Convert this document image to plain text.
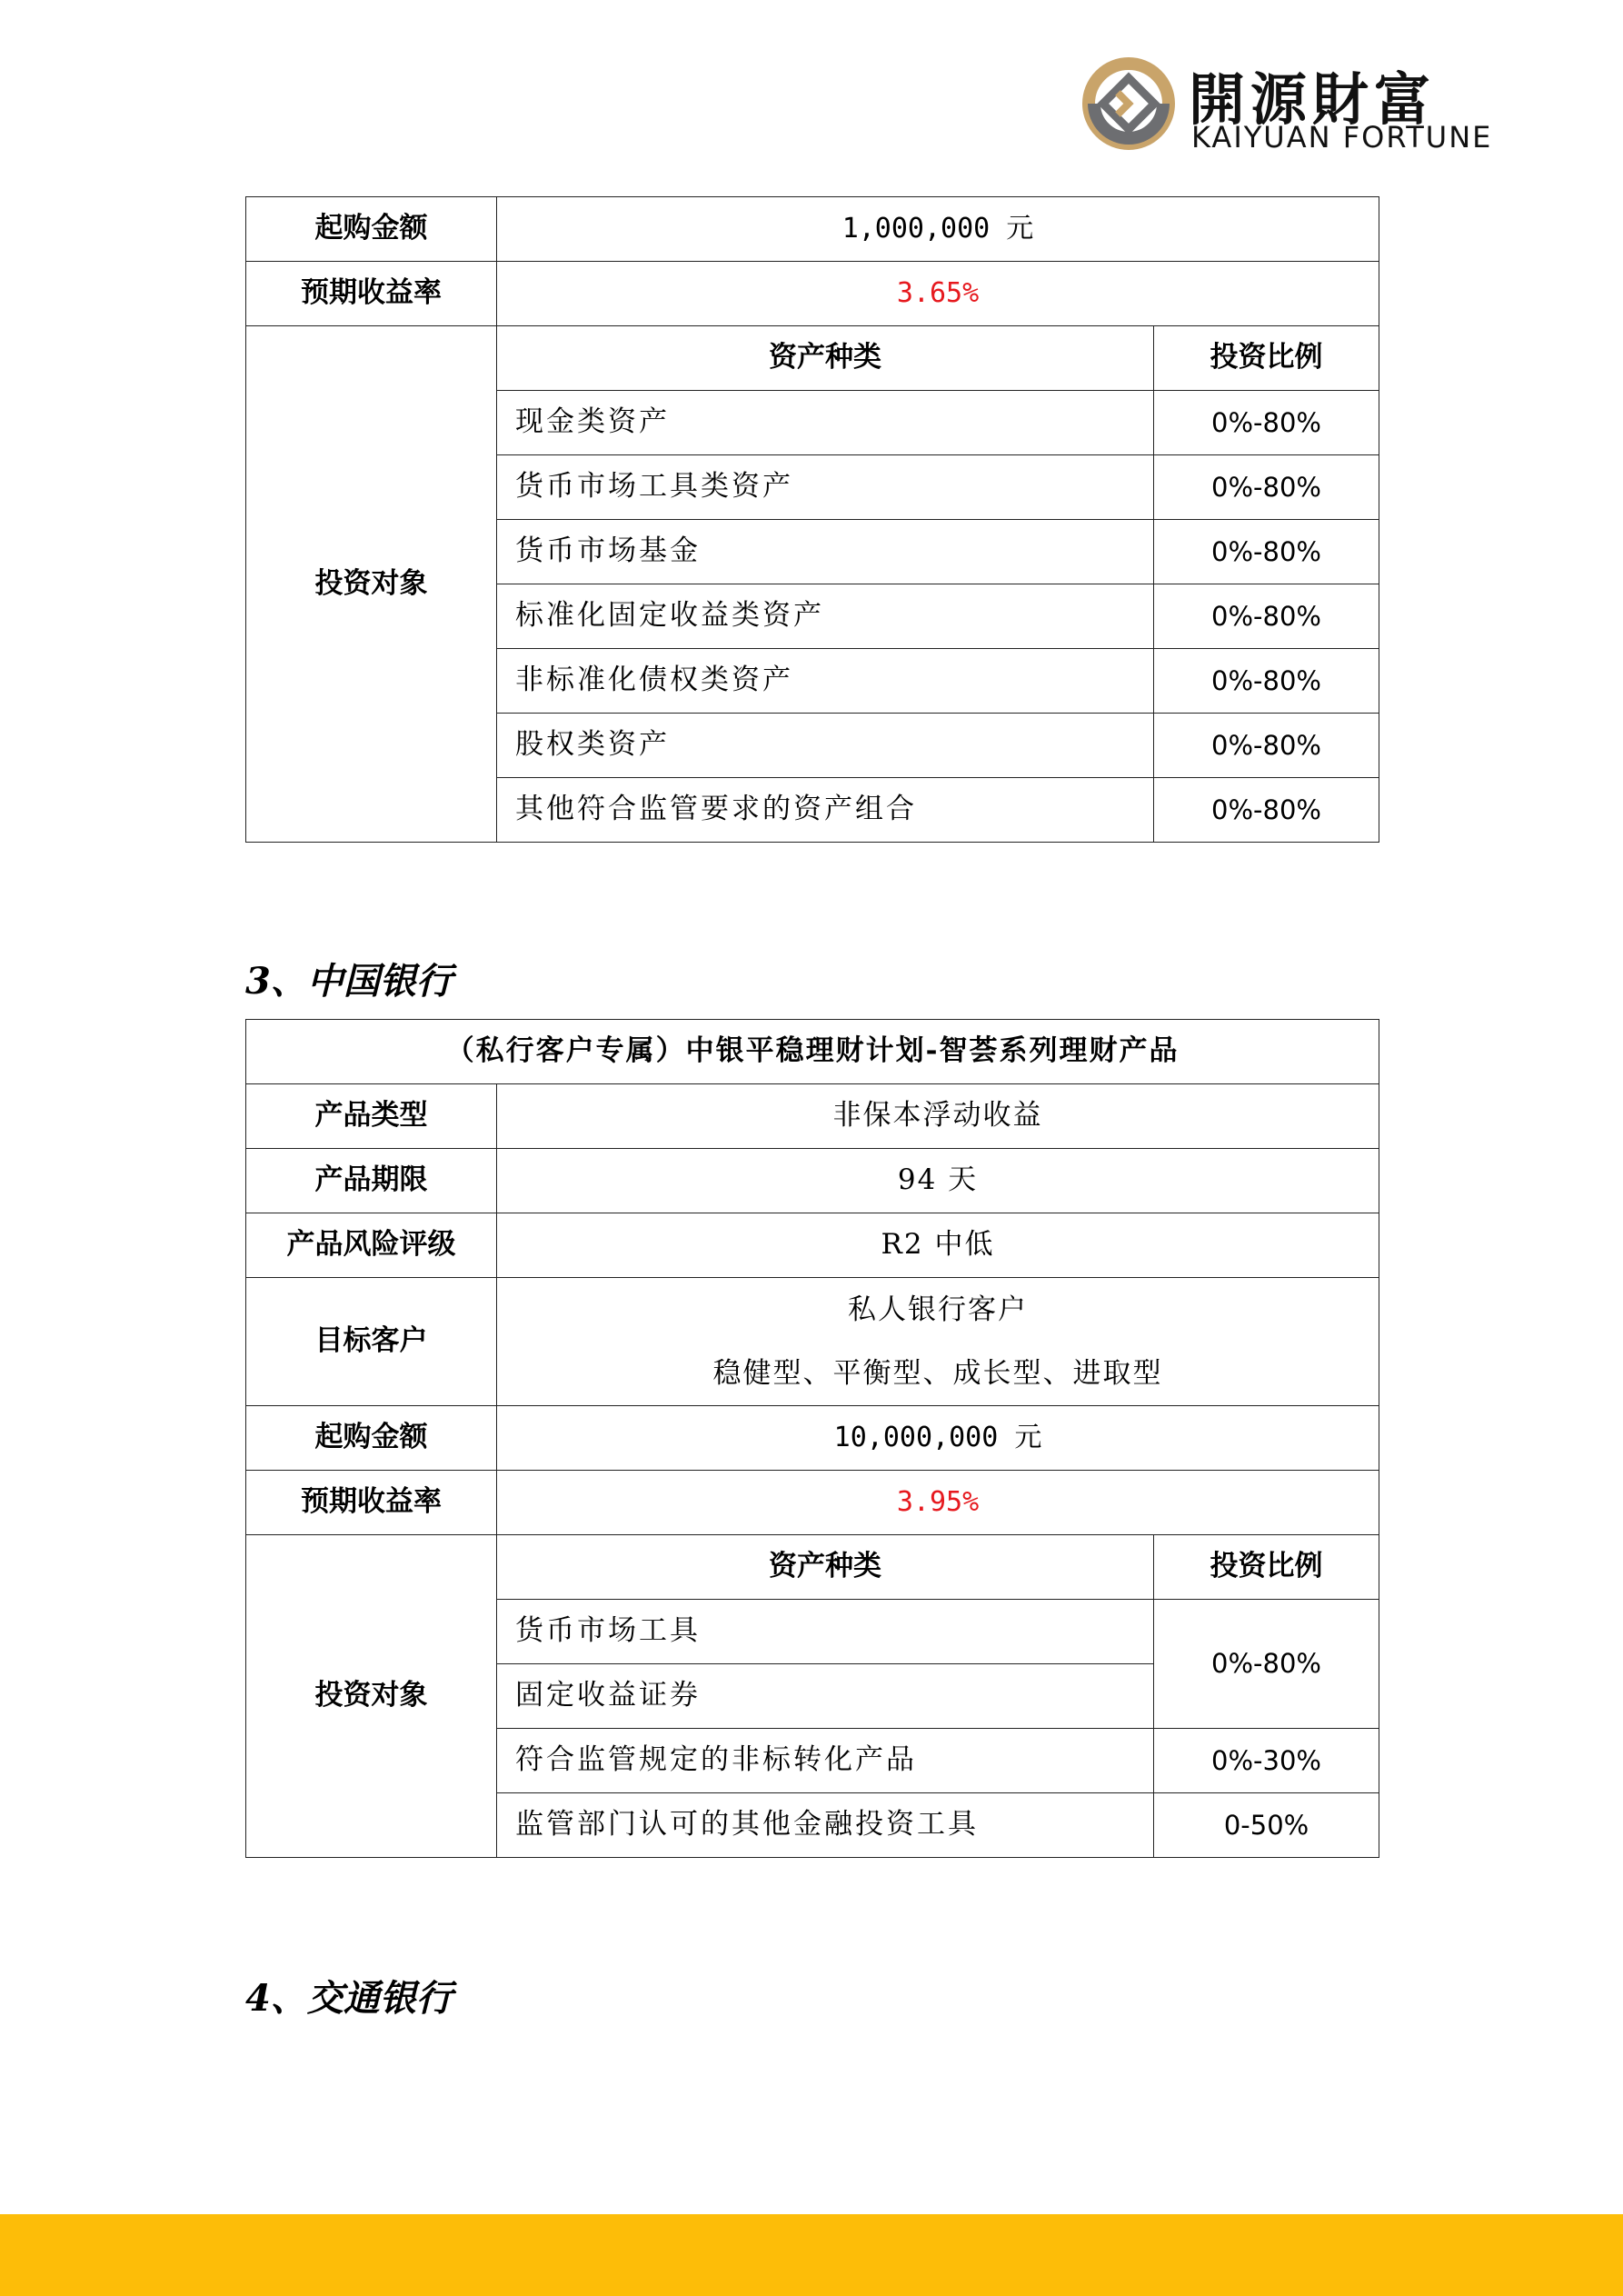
開源財富
KAIYUAN FORTUNE
起购金额	1,000,000 元	
预期收益率	3.65%	
投资对象	资产种类	投资比例
	现金类资产	0%-80%
	货币市场工具类资产	0%-80%
	货币市场基金	0%-80%
	标准化固定收益类资产	0%-80%
	非标准化债权类资产	0%-80%
	股权类资产	0%-80%
	其他符合监管要求的资产组合	0%-80%
3、中国银行
（私行客户专属）中银平稳理财计划-智荟系列理财产品		
产品类型	非保本浮动收益	
产品期限	94 天	
产品风险评级	R2 中低	
目标客户	私人银行客户
稳健型、平衡型、成长型、进取型	

起购金额	10,000,000 元	
预期收益率	3.95%	
投资对象	资产种类	投资比例
	货币市场工具	0%-80%
	固定收益证券	
	符合监管规定的非标转化产品	0%-30%
	监管部门认可的其他金融投资工具	0-50%
4、交通银行
